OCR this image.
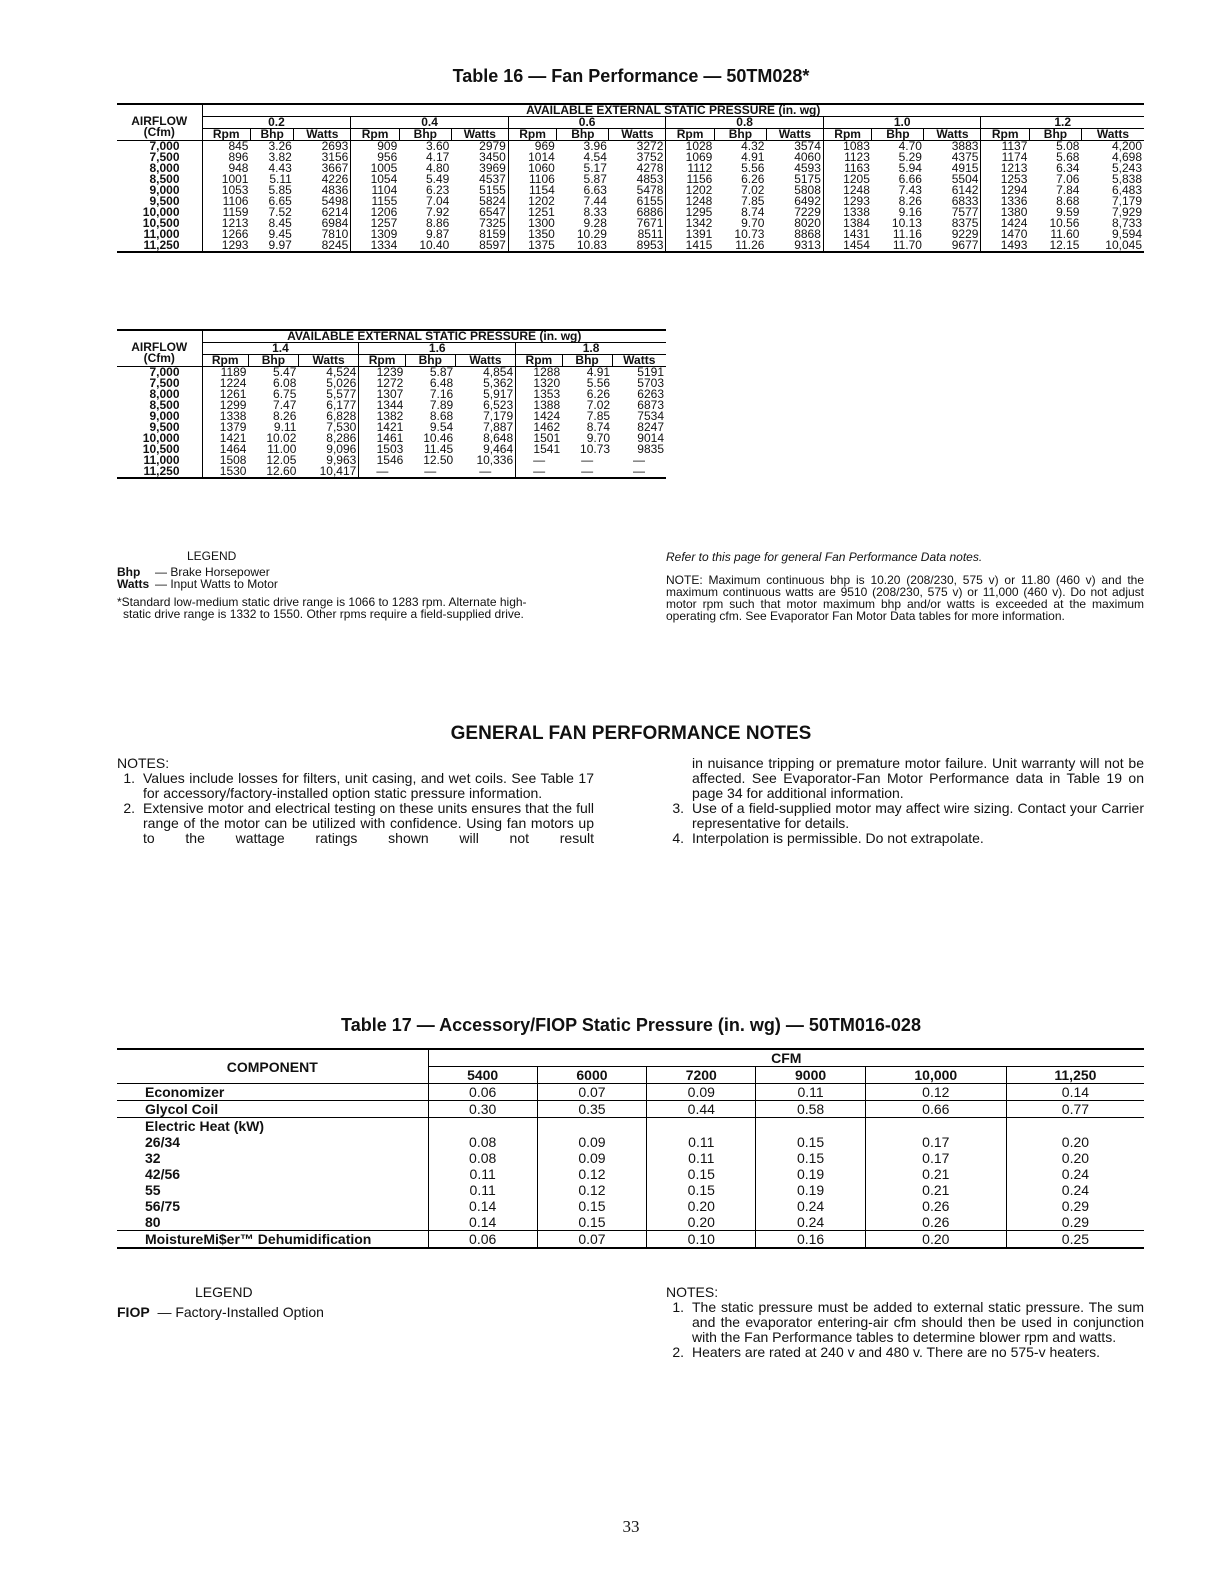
Table 16 — Fan Performance — 50TM028*
AIRFLOW
(Cfm)	AVAILABLE EXTERNAL STATIC PRESSURE (in. wg)																	
	0.2			0.4			0.6			0.8			1.0			1.2		
	Rpm	Bhp	Watts	Rpm	Bhp	Watts	Rpm	Bhp	Watts	Rpm	Bhp	Watts	Rpm	Bhp	Watts	Rpm	Bhp	Watts
7,000	845	3.26	2693	909	3.60	2979	969	3.96	3272	1028	4.32	3574	1083	4.70	3883	1137	5.08	4,200
7,500	896	3.82	3156	956	4.17	3450	1014	4.54	3752	1069	4.91	4060	1123	5.29	4375	1174	5.68	4,698
8,000	948	4.43	3667	1005	4.80	3969	1060	5.17	4278	1112	5.56	4593	1163	5.94	4915	1213	6.34	5,243
8,500	1001	5.11	4226	1054	5.49	4537	1106	5.87	4853	1156	6.26	5175	1205	6.66	5504	1253	7.06	5,838
9,000	1053	5.85	4836	1104	6.23	5155	1154	6.63	5478	1202	7.02	5808	1248	7.43	6142	1294	7.84	6,483
9,500	1106	6.65	5498	1155	7.04	5824	1202	7.44	6155	1248	7.85	6492	1293	8.26	6833	1336	8.68	7,179
10,000	1159	7.52	6214	1206	7.92	6547	1251	8.33	6886	1295	8.74	7229	1338	9.16	7577	1380	9.59	7,929
10,500	1213	8.45	6984	1257	8.86	7325	1300	9.28	7671	1342	9.70	8020	1384	10.13	8375	1424	10.56	8,733
11,000	1266	9.45	7810	1309	9.87	8159	1350	10.29	8511	1391	10.73	8868	1431	11.16	9229	1470	11.60	9,594
11,250	1293	9.97	8245	1334	10.40	8597	1375	10.83	8953	1415	11.26	9313	1454	11.70	9677	1493	12.15	10,045
AIRFLOW
(Cfm)	AVAILABLE EXTERNAL STATIC PRESSURE (in. wg)								
	1.4			1.6			1.8		
	Rpm	Bhp	Watts	Rpm	Bhp	Watts	Rpm	Bhp	Watts
7,000	1189	5.47	4,524	1239	5.87	4,854	1288	4.91	5191
7,500	1224	6.08	5,026	1272	6.48	5,362	1320	5.56	5703
8,000	1261	6.75	5,577	1307	7.16	5,917	1353	6.26	6263
8,500	1299	7.47	6,177	1344	7.89	6,523	1388	7.02	6873
9,000	1338	8.26	6,828	1382	8.68	7,179	1424	7.85	7534
9,500	1379	9.11	7,530	1421	9.54	7,887	1462	8.74	8247
10,000	1421	10.02	8,286	1461	10.46	8,648	1501	9.70	9014
10,500	1464	11.00	9,096	1503	11.45	9,464	1541	10.73	9835
11,000	1508	12.05	9,963	1546	12.50	10,336	—	—	—
11,250	1530	12.60	10,417	—	—	—	—	—	—
LEGEND
Bhp — Brake Horsepower
Watts — Input Watts to Motor
*Standard low-medium static drive range is 1066 to 1283 rpm. Alternate high-
static drive range is 1332 to 1550. Other rpms require a field-supplied drive.
Refer to this page for general Fan Performance Data notes.
NOTE: Maximum continuous bhp is 10.20 (208/230, 575 v) or 11.80 (460 v) and the maximum continuous watts are 9510 (208/230, 575 v) or 11,000 (460 v). Do not adjust motor rpm such that motor maximum bhp and/or watts is exceeded at the maximum operating cfm. See Evaporator Fan Motor Data tables for more information.
GENERAL FAN PERFORMANCE NOTES
NOTES:
1. Values include losses for filters, unit casing, and wet coils. See Table 17 for accessory/factory-installed option static pressure information.
2. Extensive motor and electrical testing on these units ensures that the full range of the motor can be utilized with confidence. Using fan motors up to the wattage ratings shown will not result
in nuisance tripping or premature motor failure. Unit warranty will not be affected. See Evaporator-Fan Motor Performance data in Table 19 on page 34 for additional information.
3. Use of a field-supplied motor may affect wire sizing. Contact your Carrier representative for details.
4. Interpolation is permissible. Do not extrapolate.
Table 17 — Accessory/FIOP Static Pressure (in. wg) — 50TM016-028
COMPONENT	CFM					
	5400	6000	7200	9000	10,000	11,250
Economizer	0.06	0.07	0.09	0.11	0.12	0.14
Glycol Coil	0.30	0.35	0.44	0.58	0.66	0.77
Electric Heat (kW)						
26/34	0.08	0.09	0.11	0.15	0.17	0.20
32	0.08	0.09	0.11	0.15	0.17	0.20
42/56	0.11	0.12	0.15	0.19	0.21	0.24
55	0.11	0.12	0.15	0.19	0.21	0.24
56/75	0.14	0.15	0.20	0.24	0.26	0.29
80	0.14	0.15	0.20	0.24	0.26	0.29
MoistureMi$er™ Dehumidification	0.06	0.07	0.10	0.16	0.20	0.25
LEGEND
FIOP — Factory-Installed Option
NOTES:
1. The static pressure must be added to external static pressure. The sum and the evaporator entering-air cfm should then be used in conjunction with the Fan Performance tables to determine blower rpm and watts.
2. Heaters are rated at 240 v and 480 v. There are no 575-v heaters.
33
